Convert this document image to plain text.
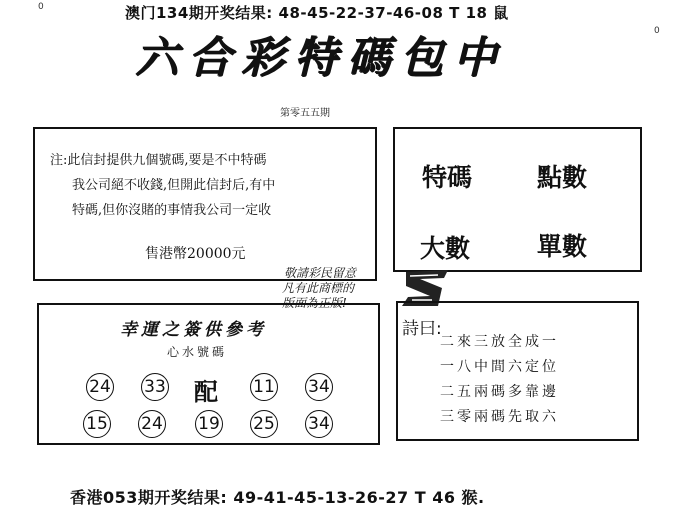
0
0
澳门134期开奖结果: 48-45-22-37-46-08 T 18 鼠
六合彩特碼包中
第零五五期
注:此信封提供九個號碼,要是不中特碼
我公司絕不收錢,但開此信封后,有中
特碼,但你沒賭的事情我公司一定收
售港幣20000元
特碼	點數
大數	單數
敬請彩民留意
凡有此商標的
版面為正版!
幸運之簽供參考
心水號碼
配
24 33	11 34
15 24 19 25 34
詩曰:
二來三放全成一
一八中間六定位
二五兩碼多靠邊
三零兩碼先取六
香港053期开奖结果: 49-41-45-13-26-27 T 46 猴.
